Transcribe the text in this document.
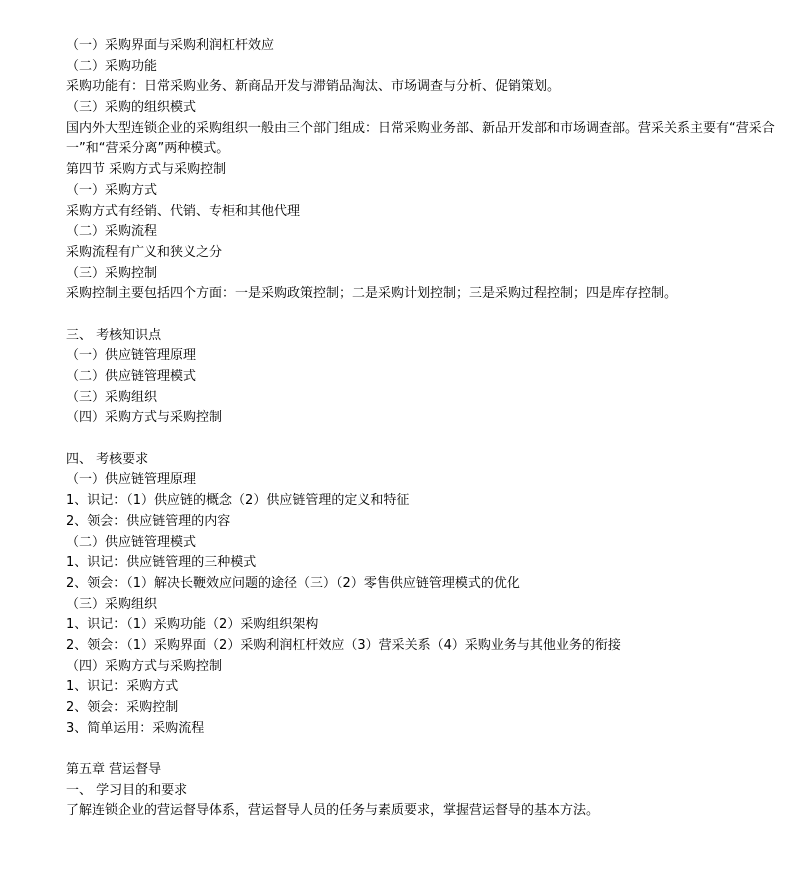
（一）采购界面与采购利润杠杆效应
（二）采购功能
采购功能有：日常采购业务、新商品开发与滞销品淘汰、市场调查与分析、促销策划。
（三）采购的组织模式
国内外大型连锁企业的采购组织一般由三个部门组成：日常采购业务部、新品开发部和市场调查部。营采关系主要有“营采合一”和“营采分离”两种模式。
第四节 采购方式与采购控制
（一）采购方式
采购方式有经销、代销、专柜和其他代理
（二）采购流程
采购流程有广义和狭义之分
（三）采购控制
采购控制主要包括四个方面：一是采购政策控制；二是采购计划控制；三是采购过程控制；四是库存控制。
三、 考核知识点
（一）供应链管理原理
（二）供应链管理模式
（三）采购组织
（四）采购方式与采购控制
四、 考核要求
（一）供应链管理原理
1、识记：（1）供应链的概念（2）供应链管理的定义和特征
2、领会：供应链管理的内容
（二）供应链管理模式
1、识记：供应链管理的三种模式
2、领会：（1）解决长鞭效应问题的途径（三）（2）零售供应链管理模式的优化
（三）采购组织
1、识记：（1）采购功能（2）采购组织架构
2、领会：（1）采购界面（2）采购利润杠杆效应（3）营采关系（4）采购业务与其他业务的衔接
（四）采购方式与采购控制
1、识记：采购方式
2、领会：采购控制
3、简单运用：采购流程
第五章 营运督导
一、 学习目的和要求
了解连锁企业的营运督导体系，营运督导人员的任务与素质要求，掌握营运督导的基本方法。
